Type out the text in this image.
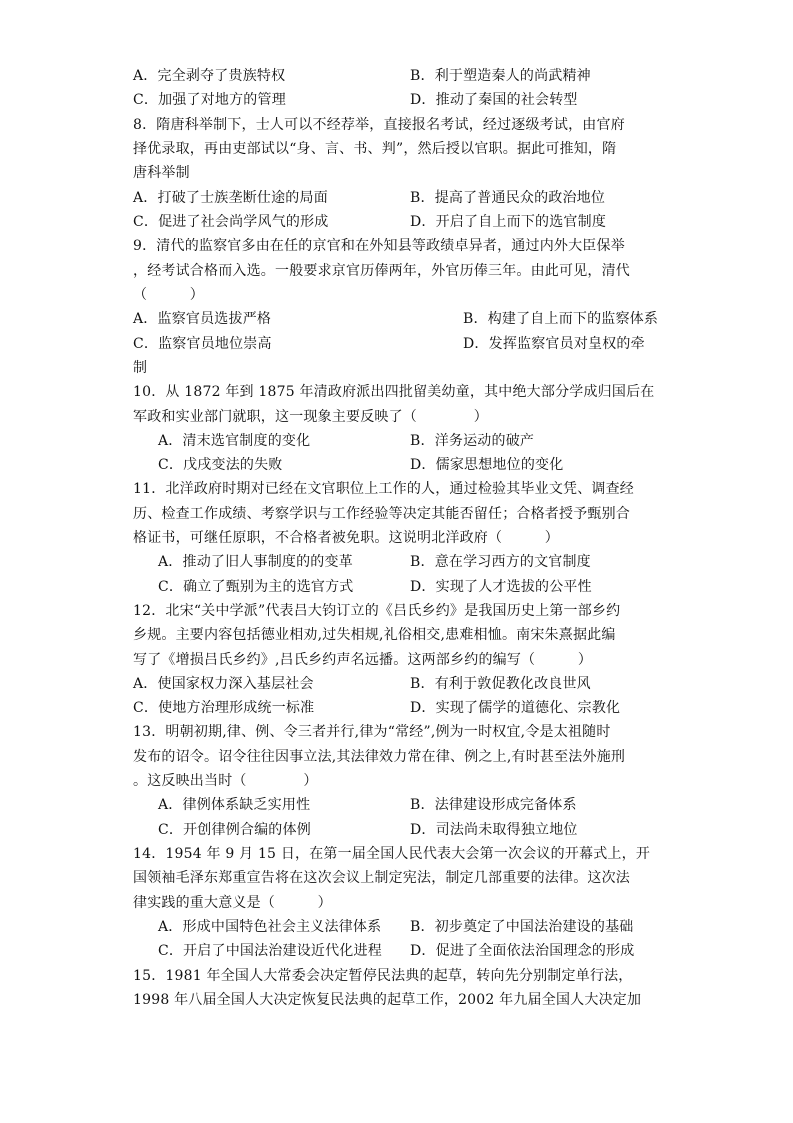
A．完全剥夺了贵族特权	B．利于塑造秦人的尚武精神
C．加强了对地方的管理	D．推动了秦国的社会转型
8．隋唐科举制下，士人可以不经荐举，直接报名考试，经过逐级考试，由官府
择优录取，再由吏部试以“身、言、书、判”，然后授以官职。据此可推知，隋
唐科举制
A．打破了士族垄断仕途的局面	B．提高了普通民众的政治地位
C．促进了社会尚学风气的形成	D．开启了自上而下的选官制度
9．清代的监察官多由在任的京官和在外知县等政绩卓异者，通过内外大臣保举
，经考试合格而入选。一般要求京官历俸两年，外官历俸三年。由此可见，清代
（　　　）
A．监察官员选拔严格	B．构建了自上而下的监察体系
C．监察官员地位崇高	D．发挥监察官员对皇权的牵
制
10．从 1872 年到 1875 年清政府派出四批留美幼童，其中绝大部分学成归国后在
军政和实业部门就职，这一现象主要反映了（　　　　）
A．清末选官制度的变化	B．洋务运动的破产
C．戊戌变法的失败	D．儒家思想地位的变化
11．北洋政府时期对已经在文官职位上工作的人，通过检验其毕业文凭、调查经
历、检查工作成绩、考察学识与工作经验等决定其能否留任；合格者授予甄别合
格证书，可继任原职，不合格者被免职。这说明北洋政府（　　　）
A．推动了旧人事制度的的变革	B．意在学习西方的文官制度
C．确立了甄别为主的选官方式	D．实现了人才选拔的公平性
12．北宋“关中学派”代表吕大钧订立的《吕氏乡约》是我国历史上第一部乡约
乡规。主要内容包括德业相劝,过失相规,礼俗相交,患难相恤。南宋朱熹据此编
写了《增损吕氏乡约》,吕氏乡约声名远播。这两部乡约的编写（　　　）
A．使国家权力深入基层社会	B．有利于敦促教化改良世风
C．使地方治理形成统一标准	D．实现了儒学的道德化、宗教化
13．明朝初期,律、例、令三者并行,律为“常经”,例为一时权宜,令是太祖随时
发布的诏令。诏令往往因事立法,其法律效力常在律、例之上,有时甚至法外施刑
。这反映出当时（　　　　）
A．律例体系缺乏实用性	B．法律建设形成完备体系
C．开创律例合编的体例	D．司法尚未取得独立地位
14．1954 年 9 月 15 日，在第一届全国人民代表大会第一次会议的开幕式上，开
国领袖毛泽东郑重宣告将在这次会议上制定宪法，制定几部重要的法律。这次法
律实践的重大意义是（　　　）
A．形成中国特色社会主义法律体系 B．初步奠定了中国法治建设的基础
C．开启了中国法治建设近代化进程 D．促进了全面依法治国理念的形成
15．1981 年全国人大常委会决定暂停民法典的起草，转向先分别制定单行法，
1998 年八届全国人大决定恢复民法典的起草工作，2002 年九届全国人大决定加
